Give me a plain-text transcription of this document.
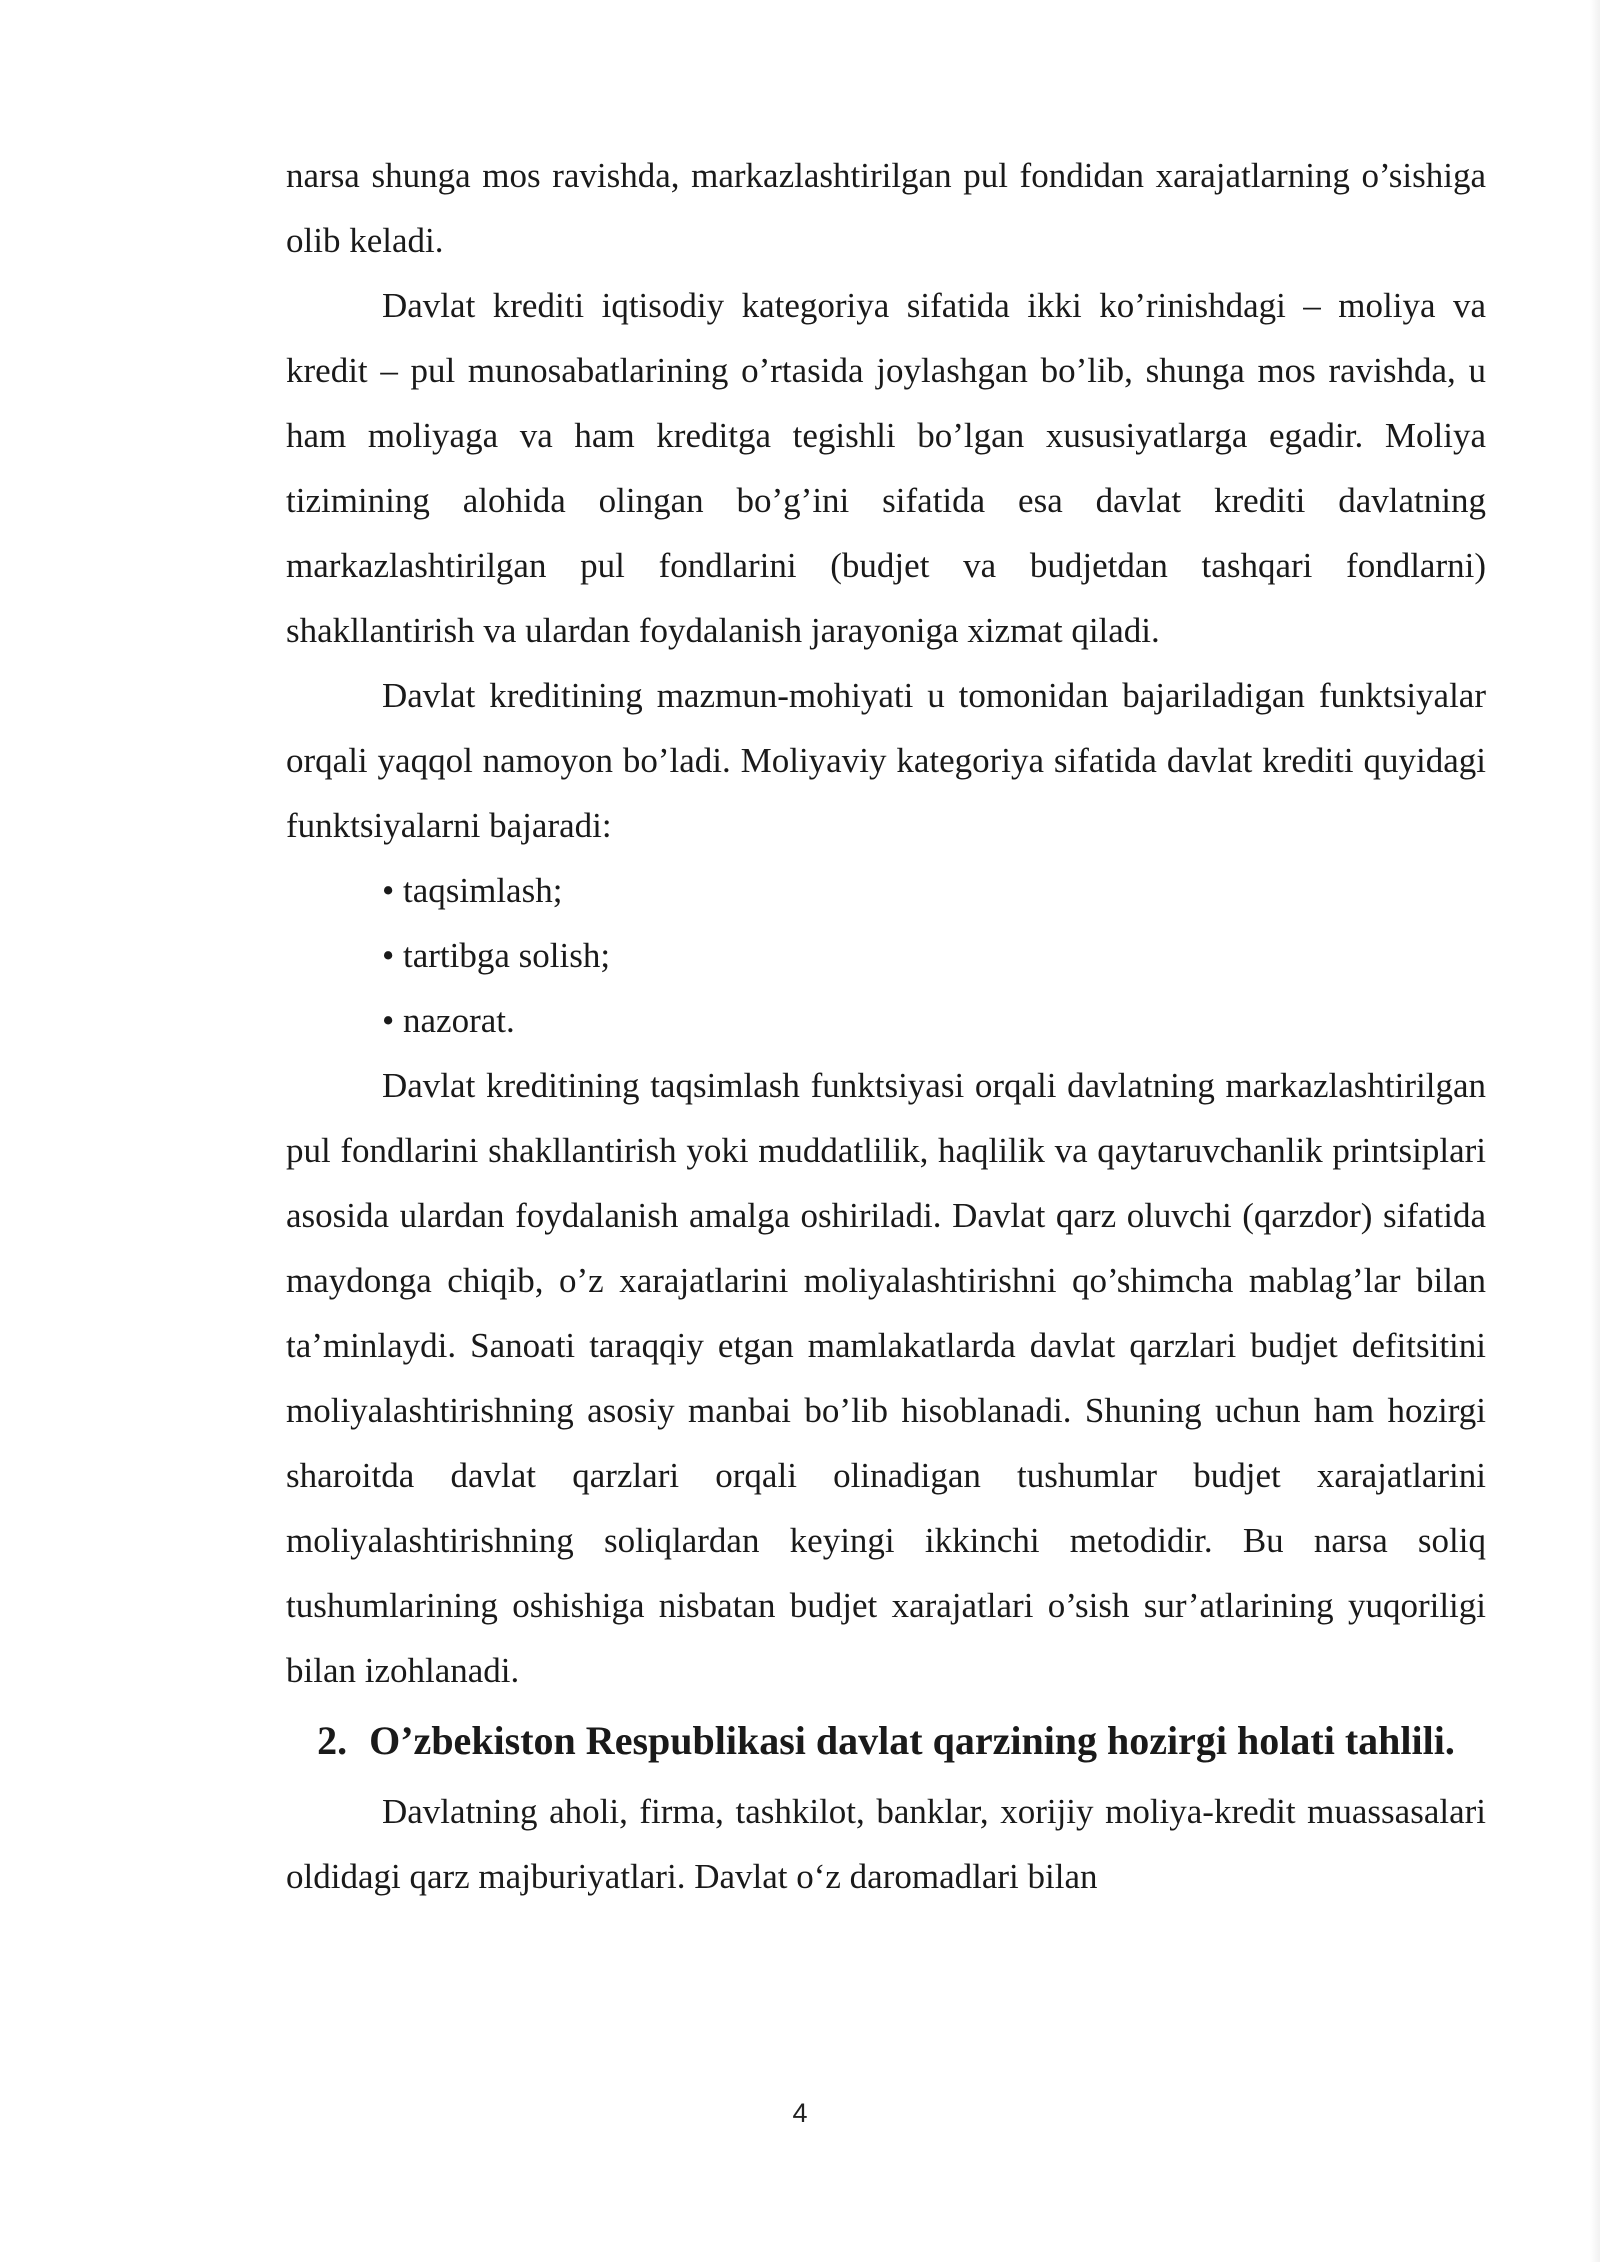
narsa shunga mos ravishda, markazlashtirilgan pul fondidan xarajatlarning o’sishiga olib keladi.

Davlat krediti iqtisodiy kategoriya sifatida ikki ko’rinishdagi – moliya va kredit – pul munosabatlarining o’rtasida joylashgan bo’lib, shunga mos ravishda, u ham moliyaga va ham kreditga tegishli bo’lgan xususiyatlarga egadir. Moliya tizimining alohida olingan bo’g’ini sifatida esa davlat krediti davlatning markazlashtirilgan pul fondlarini (budjet va budjetdan tashqari fondlarni) shakllantirish va ulardan foydalanish jarayoniga xizmat qiladi.

Davlat kreditining mazmun-mohiyati u tomonidan bajariladigan funktsiyalar orqali yaqqol namoyon bo’ladi. Moliyaviy kategoriya sifatida davlat krediti quyidagi funktsiyalarni bajaradi:

• taqsimlash;
• tartibga solish;
• nazorat.

Davlat kreditining taqsimlash funktsiyasi orqali davlatning markazlashtirilgan pul fondlarini shakllantirish yoki muddatlilik, haqlilik va qaytaruvchanlik printsiplari asosida ulardan foydalanish amalga oshiriladi. Davlat qarz oluvchi (qarzdor) sifatida maydonga chiqib, o’z xarajatlarini moliyalashtirishni qo’shimcha mablag’lar bilan ta’minlaydi. Sanoati taraqqiy etgan mamlakatlarda davlat qarzlari budjet defitsitini moliyalashtirishning asosiy manbai bo’lib hisoblanadi. Shuning uchun ham hozirgi sharoitda davlat qarzlari orqali olinadigan tushumlar budjet xarajatlarini moliyalashtirishning soliqlardan keyingi ikkinchi metodidir. Bu narsa soliq tushumlarining oshishiga nisbatan budjet xarajatlari o’sish sur’atlarining yuqoriligi bilan izohlanadi.

2. O’zbekiston Respublikasi davlat qarzining hozirgi holati tahlili.

Davlatning aholi, firma, tashkilot, banklar, xorijiy moliya-kredit muassasalari oldidagi qarz majburiyatlari. Davlat o‘z daromadlari bilan

4
